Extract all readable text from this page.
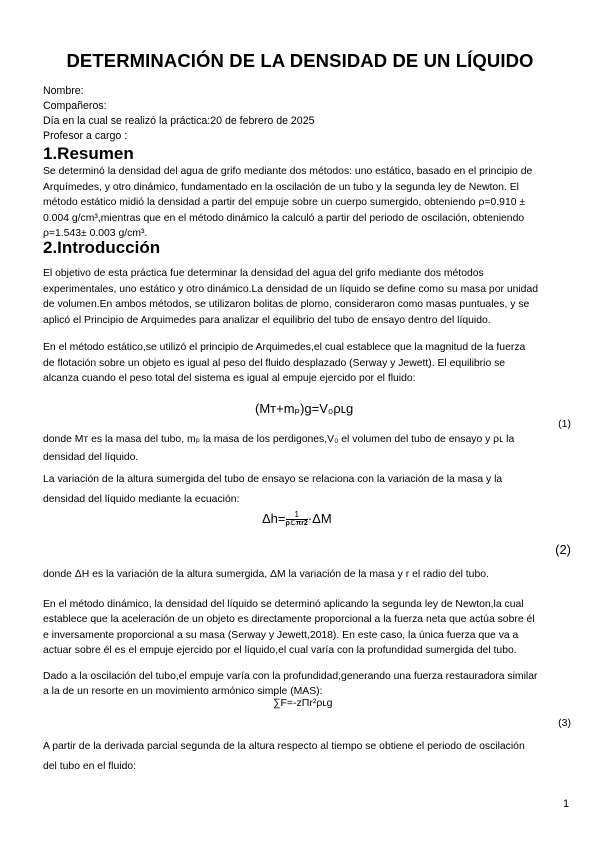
DETERMINACIÓN DE LA DENSIDAD DE UN LÍQUIDO
Nombre:
Compañeros:
Día en la cual se realizó la práctica:20 de febrero de 2025
Profesor a cargo :
1.Resumen
Se determinó la densidad del agua de grifo mediante dos métodos: uno estático, basado en el principio de
Arquímedes, y otro dinámico, fundamentado en la oscilación de un tubo y la segunda ley de Newton. El
método estático midió la densidad a partir del empuje sobre un cuerpo sumergido, obteniendo ρ=0.910 ±
0.004 g/cm³,mientras que en el método dinámico la calculó a partir del periodo de oscilación, obteniendo
ρ=1.543± 0.003 g/cm³.
2.Introducción
El objetivo de esta práctica fue determinar la densidad del agua del grifo mediante dos métodos
experimentales, uno estático y otro dinámico.La densidad de un líquido se define como su masa por unidad
de volumen.En ambos métodos, se utilizaron bolitas de plomo, consideraron como masas puntuales, y se
aplicó el Principio de Arquimedes para analizar el equilibrio del tubo de ensayo dentro del líquido.
En el método estático,se utilizó el principio de Arquimedes,el cual establece que la magnitud de la fuerza
de flotación sobre un objeto es igual al peso del fluido desplazado (Serway y Jewett). El equilibrio se
alcanza cuando el peso total del sistema es igual al empuje ejercido por el fluido:
(Mᴛ+mₚ)g=V₀ρʟg
(1)
donde Mᴛ es la masa del tubo, mₚ la masa de los perdigones,V₀ el volumen del tubo de ensayo y ρʟ la
densidad del líquido.
La variación de la altura sumergida del tubo de ensayo se relaciona con la variación de la masa y la
densidad del líquido mediante la ecuación:
$\Delta h= \frac{1}{\text{ρℒπr2}} \cdot\Delta M$
(2)
donde ΔH es la variación de la altura sumergida, ΔM la variación de la masa y r el radio del tubo.
En el método dinámico, la densidad del líquido se determinó aplicando la segunda ley de Newton,la cual
establece que la aceleración de un objeto es directamente proporcional a la fuerza neta que actúa sobre él
e inversamente proporcional a su masa (Serway y Jewett,2018). En este caso, la única fuerza que va a
actuar sobre él es el empuje ejercido por el líquido,el cual varía con la profundidad sumergida del tubo.
Dado a la oscilación del tubo,el empuje varía con la profundidad,generando una fuerza restauradora similar
a la de un resorte en un movimiento armónico simple (MAS):
∑F=-zΠr²ρʟg
(3)
A partir de la derivada parcial segunda de la altura respecto al tiempo se obtiene el periodo de oscilación
del tubo en el fluido:
1
